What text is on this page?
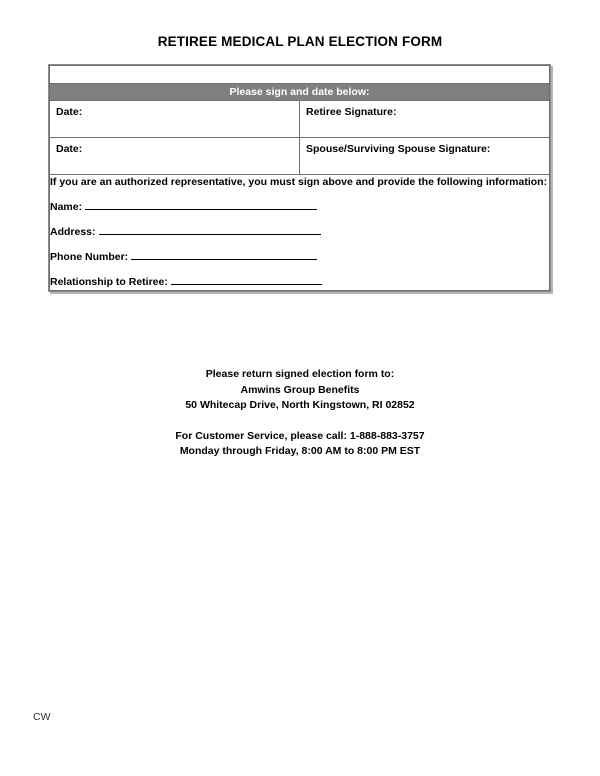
RETIREE MEDICAL PLAN ELECTION FORM

Please sign and date below:	

Date:	Retiree Signature:

Date:	Spouse/Surviving Spouse Signature:

If you are an authorized representative, you must sign above and provide the following information:
Name:
Address:
Phone Number:
Relationship to Retiree:	
Please return signed election form to:
Amwins Group Benefits
50 Whitecap Drive, North Kingstown, RI 02852
For Customer Service, please call: 1-888-883-3757
Monday through Friday, 8:00 AM to 8:00 PM EST
CW
